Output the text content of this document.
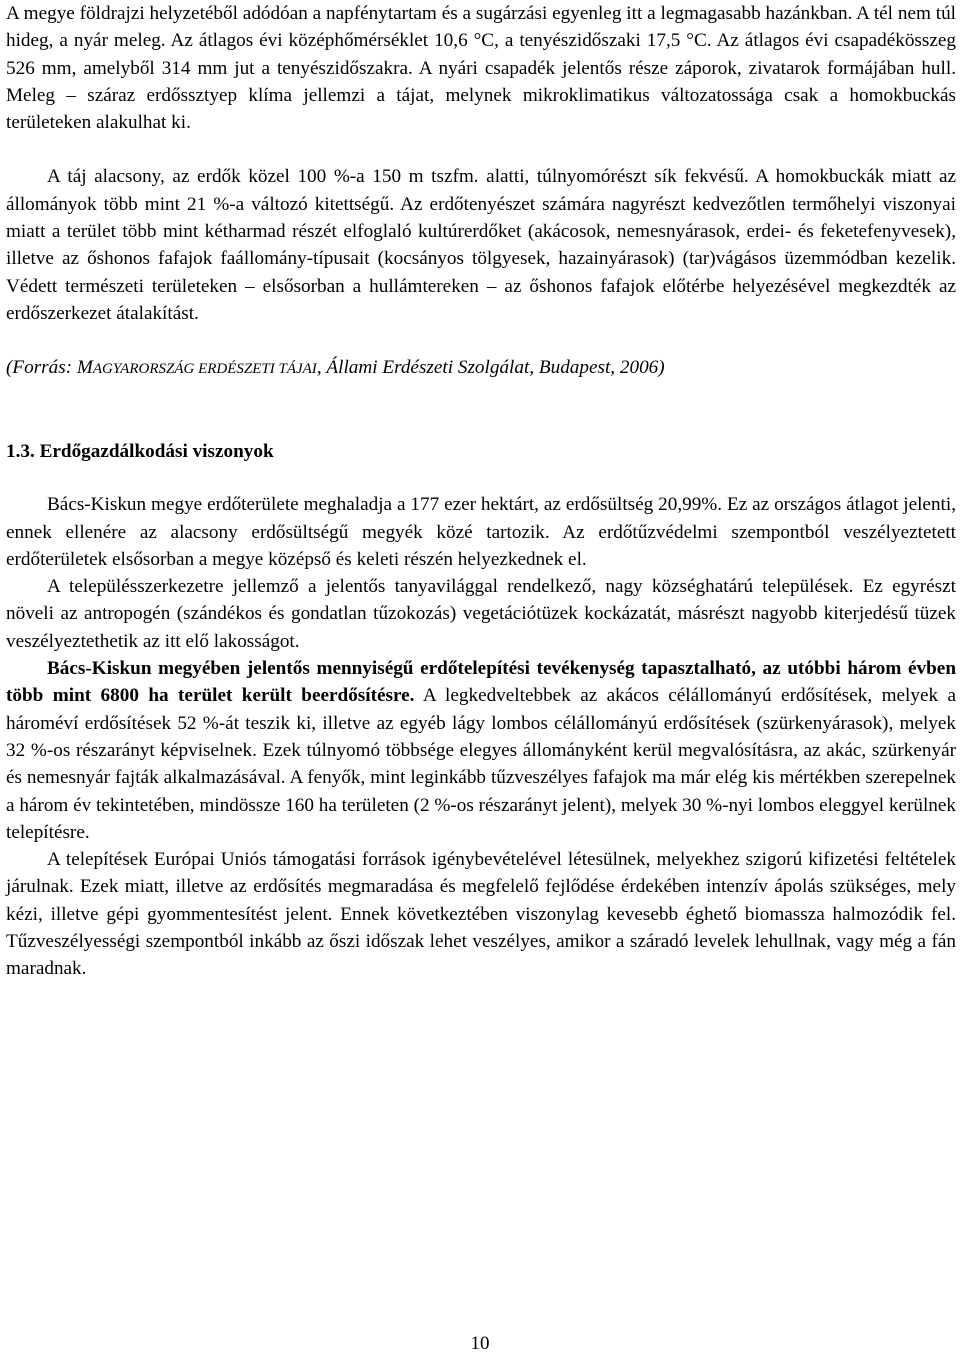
A megye földrajzi helyzetéből adódóan a napfénytartam és a sugárzási egyenleg itt a legmagasabb hazánkban. A tél nem túl hideg, a nyár meleg. Az átlagos évi középhőmérséklet 10,6 °C, a tenyészidőszaki 17,5 °C. Az átlagos évi csapadékösszeg 526 mm, amelyből 314 mm jut a tenyészidőszakra. A nyári csapadék jelentős része záporok, zivatarok formájában hull. Meleg – száraz erdőssztyep klíma jellemzi a tájat, melynek mikroklimatikus változatossága csak a homokbuckás területeken alakulhat ki.

A táj alacsony, az erdők közel 100 %-a 150 m tszfm. alatti, túlnyomórészt sík fekvésű. A homokbuckák miatt az állományok több mint 21 %-a változó kitettségű. Az erdőtenyészet számára nagyrészt kedvezőtlen termőhelyi viszonyai miatt a terület több mint kétharmad részét elfoglaló kultúrerdőket (akácosok, nemesnyárasok, erdei- és feketefenyvesek), illetve az őshonos fafajok faállomány-típusait (kocsányos tölgyesek, hazainyárasok) (tar)vágásos üzemmódban kezelik. Védett természeti területeken – elsősorban a hullámtereken – az őshonos fafajok előtérbe helyezésével megkezdték az erdőszerkezet átalakítást.

(Forrás: MAGYARORSZÁG ERDÉSZETI TÁJAI, Állami Erdészeti Szolgálat, Budapest, 2006)

1.3. Erdőgazdálkodási viszonyok

Bács-Kiskun megye erdőterülete meghaladja a 177 ezer hektárt, az erdősültség 20,99%. Ez az országos átlagot jelenti, ennek ellenére az alacsony erdősültségű megyék közé tartozik. Az erdőtűzvédelmi szempontból veszélyeztetett erdőterületek elsősorban a megye középső és keleti részén helyezkednek el.

A településszerkezetre jellemző a jelentős tanyavilággal rendelkező, nagy községhatárú települések. Ez egyrészt növeli az antropogén (szándékos és gondatlan tűzokozás) vegetációtüzek kockázatát, másrészt nagyobb kiterjedésű tüzek veszélyeztethetik az itt elő lakosságot.

Bács-Kiskun megyében jelentős mennyiségű erdőtelepítési tevékenység tapasztalható, az utóbbi három évben több mint 6800 ha terület került beerdősítésre. A legkedveltebbek az akácos célállományú erdősítések, melyek a hároméví erdősítések 52 %-át teszik ki, illetve az egyéb lágy lombos célállományú erdősítések (szürkenyárasok), melyek 32 %-os részarányt képviselnek. Ezek túlnyomó többsége elegyes állományként kerül megvalósításra, az akác, szürkenyár és nemesnyár fajták alkalmazásával. A fenyők, mint leginkább tűzveszélyes fafajok ma már elég kis mértékben szerepelnek a három év tekintetében, mindössze 160 ha területen (2 %-os részarányt jelent), melyek 30 %-nyi lombos eleggyel kerülnek telepítésre.

A telepítések Európai Uniós támogatási források igénybevételével létesülnek, melyekhez szigorú kifizetési feltételek járulnak. Ezek miatt, illetve az erdősítés megmaradása és megfelelő fejlődése érdekében intenzív ápolás szükséges, mely kézi, illetve gépi gyommentesítést jelent. Ennek következtében viszonylag kevesebb éghető biomassza halmozódik fel. Tűzveszélyességi szempontból inkább az őszi időszak lehet veszélyes, amikor a száradó levelek lehullnak, vagy még a fán maradnak.

10
